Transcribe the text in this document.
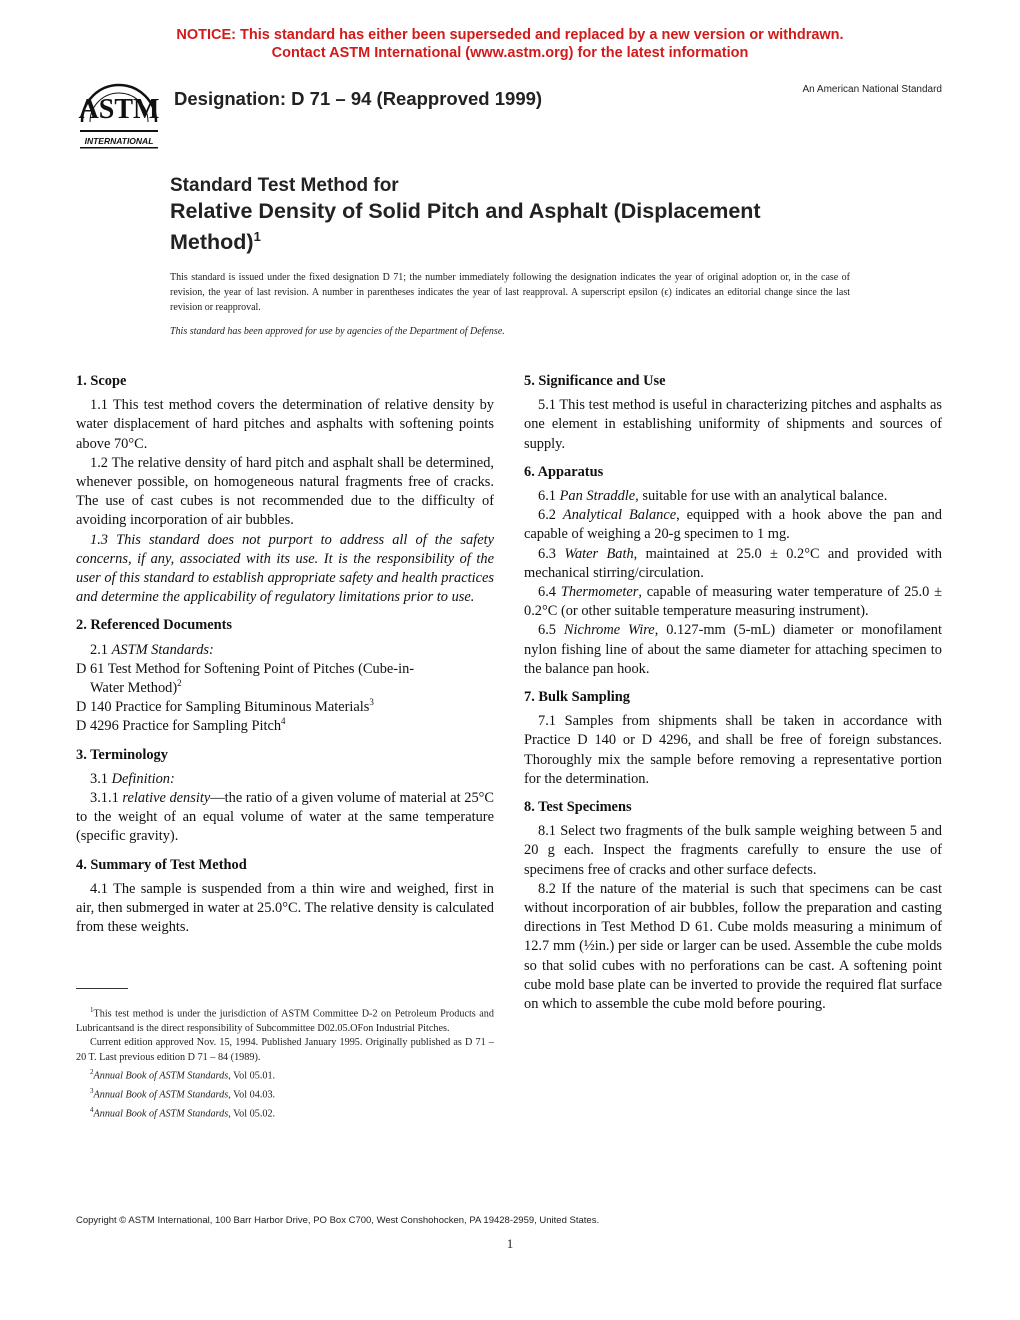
NOTICE: This standard has either been superseded and replaced by a new version or withdrawn.
Contact ASTM International (www.astm.org) for the latest information
ASTM
INTERNATIONAL
Designation: D 71 – 94 (Reapproved 1999)	An American National Standard
Standard Test Method for
Relative Density of Solid Pitch and Asphalt (Displacement
Method)$^1$
This standard is issued under the fixed designation D 71; the number immediately following the designation indicates the year of original adoption or, in the case of revision, the year of last revision. A number in parentheses indicates the year of last reapproval. A superscript epsilon (ϵ) indicates an editorial change since the last revision or reapproval.
This standard has been approved for use by agencies of the Department of Defense.
1. Scope

1.1 This test method covers the determination of relative density by water displacement of hard pitches and asphalts with softening points above 70°C.

1.2 The relative density of hard pitch and asphalt shall be determined, whenever possible, on homogeneous natural fragments free of cracks. The use of cast cubes is not recommended due to the difficulty of avoiding incorporation of air bubbles.

1.3 This standard does not purport to address all of the safety concerns, if any, associated with its use. It is the responsibility of the user of this standard to establish appropriate safety and health practices and determine the applicability of regulatory limitations prior to use.

2. Referenced Documents

2.1 ASTM Standards:

D 61 Test Method for Softening Point of Pitches (Cube-in-
Water Method)$^2$

D 140 Practice for Sampling Bituminous Materials$^3$

D 4296 Practice for Sampling Pitch$^4$

3. Terminology

3.1 Definition:

3.1.1 relative density—the ratio of a given volume of material at 25°C to the weight of an equal volume of water at the same temperature (specific gravity).

4. Summary of Test Method

4.1 The sample is suspended from a thin wire and weighed, first in air, then submerged in water at 25.0°C. The relative density is calculated from these weights.

5. Significance and Use

5.1 This test method is useful in characterizing pitches and asphalts as one element in establishing uniformity of shipments and sources of supply.

6. Apparatus

6.1 Pan Straddle, suitable for use with an analytical balance.

6.2 Analytical Balance, equipped with a hook above the pan and capable of weighing a 20-g specimen to 1 mg.

6.3 Water Bath, maintained at 25.0 ± 0.2°C and provided with mechanical stirring/circulation.

6.4 Thermometer, capable of measuring water temperature of 25.0 ± 0.2°C (or other suitable temperature measuring instrument).

6.5 Nichrome Wire, 0.127-mm (5-mL) diameter or monofilament nylon fishing line of about the same diameter for attaching specimen to the balance pan hook.

7. Bulk Sampling

7.1 Samples from shipments shall be taken in accordance with Practice D 140 or D 4296, and shall be free of foreign substances. Thoroughly mix the sample before removing a representative portion for the determination.

8. Test Specimens

8.1 Select two fragments of the bulk sample weighing between 5 and 20 g each. Inspect the fragments carefully to ensure the use of specimens free of cracks and other surface defects.

8.2 If the nature of the material is such that specimens can be cast without incorporation of air bubbles, follow the preparation and casting directions in Test Method D 61. Cube molds measuring a minimum of 12.7 mm (½in.) per side or larger can be used. Assemble the cube molds so that solid cubes with no perforations can be cast. A softening point cube mold base plate can be inverted to provide the required flat surface on which to assemble the cube mold before pouring.

$^1$This test method is under the jurisdiction of ASTM Committee D-2 on Petroleum Products and Lubricantsand is the direct responsibility of Subcommittee D02.05.OFon Industrial Pitches.

Current edition approved Nov. 15, 1994. Published January 1995. Originally published as D 71 – 20 T. Last previous edition D 71 – 84 (1989).

$^2$Annual Book of ASTM Standards, Vol 05.01.

$^3$Annual Book of ASTM Standards, Vol 04.03.

$^4$Annual Book of ASTM Standards, Vol 05.02.

Copyright © ASTM International, 100 Barr Harbor Drive, PO Box C700, West Conshohocken, PA 19428-2959, United States.
1
